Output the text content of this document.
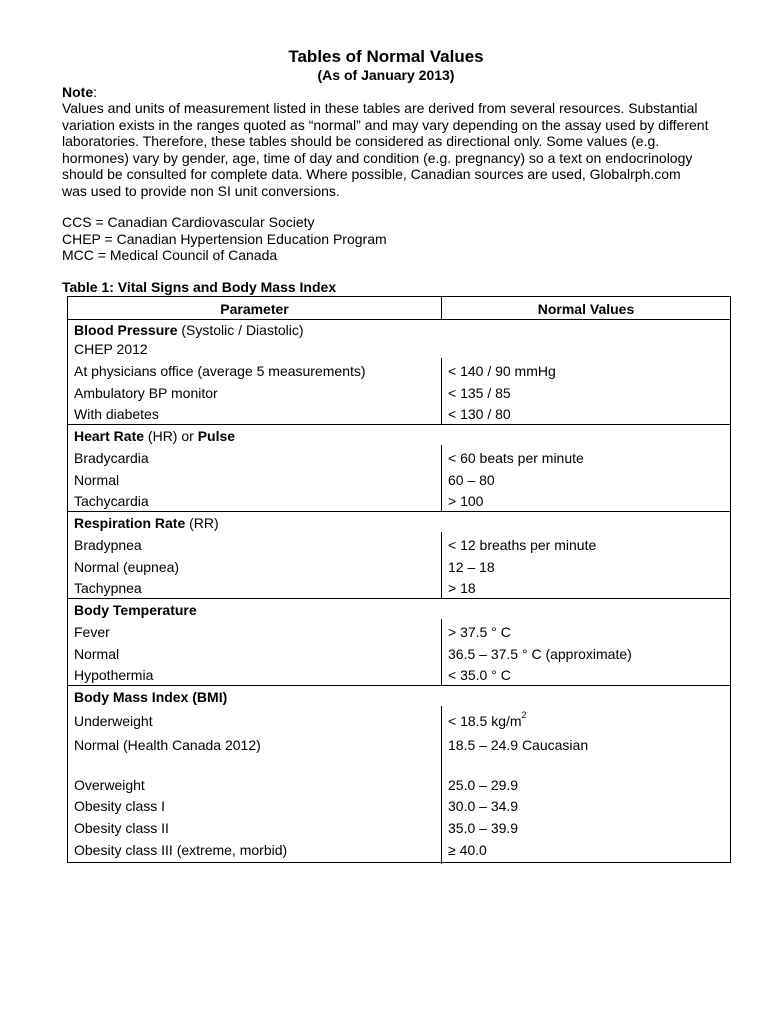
Tables of Normal Values
(As of January 2013)
Note:
Values and units of measurement listed in these tables are derived from several resources. Substantial
variation exists in the ranges quoted as “normal” and may vary depending on the assay used by different
laboratories. Therefore, these tables should be considered as directional only. Some values (e.g.
hormones) vary by gender, age, time of day and condition (e.g. pregnancy) so a text on endocrinology
should be consulted for complete data. Where possible, Canadian sources are used, Globalrph.com
was used to provide non SI unit conversions.
CCS = Canadian Cardiovascular Society
CHEP = Canadian Hypertension Education Program
MCC = Medical Council of Canada
Table 1: Vital Signs and Body Mass Index
Parameter	Normal Values
Blood Pressure (Systolic / Diastolic)
CHEP 2012
At physicians office (average 5 measurements)	< 140 / 90 mmHg
Ambulatory BP monitor	< 135 / 85
With diabetes	< 130 / 80
Heart Rate (HR) or Pulse
Bradycardia	< 60 beats per minute
Normal	60 – 80
Tachycardia	> 100
Respiration Rate (RR)
Bradypnea	< 12 breaths per minute
Normal (eupnea)	12 – 18
Tachypnea	> 18
Body Temperature
Fever	> 37.5 ° C
Normal	36.5 – 37.5 ° C (approximate)
Hypothermia	< 35.0 ° C
Body Mass Index (BMI)
Underweight	< 18.5 $kg/m^2$
Normal (Health Canada 2012)	18.5 – 24.9 Caucasian
Overweight	25.0 – 29.9
Obesity class I	30.0 – 34.9
Obesity class II	35.0 – 39.9
Obesity class III (extreme, morbid)	≥ 40.0
